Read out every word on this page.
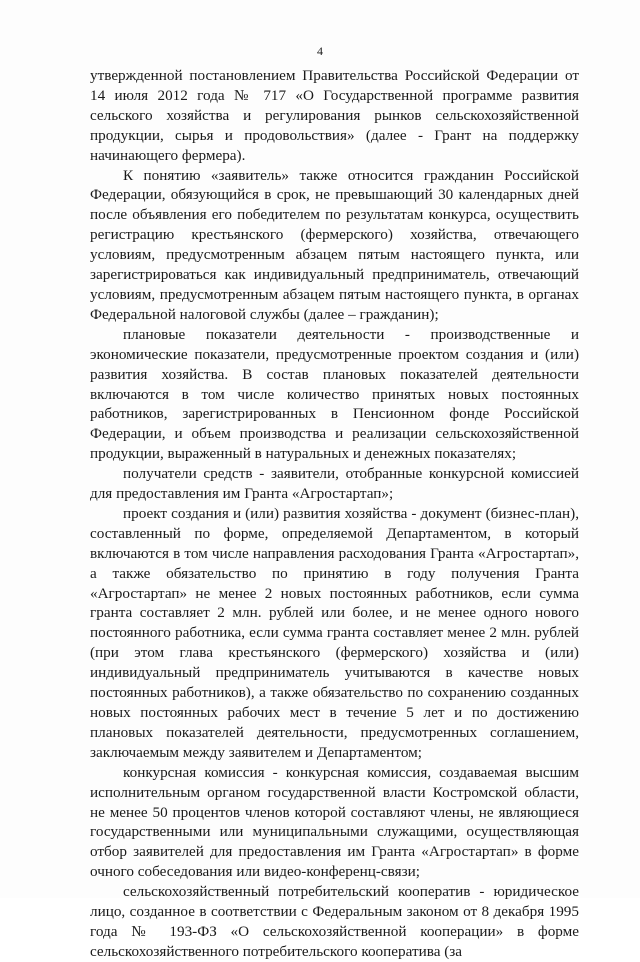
4

утвержденной постановлением Правительства Российской Федерации от 14 июля 2012 года № 717 «О Государственной программе развития сельского хозяйства и регулирования рынков сельскохозяйственной продукции, сырья и продовольствия» (далее - Грант на поддержку начинающего фермера).

К понятию «заявитель» также относится гражданин Российской Федерации, обязующийся в срок, не превышающий 30 календарных дней после объявления его победителем по результатам конкурса, осуществить регистрацию крестьянского (фермерского) хозяйства, отвечающего условиям, предусмотренным абзацем пятым настоящего пункта, или зарегистрироваться как индивидуальный предприниматель, отвечающий условиям, предусмотренным абзацем пятым настоящего пункта, в органах Федеральной налоговой службы (далее – гражданин);

плановые показатели деятельности - производственные и экономические показатели, предусмотренные проектом создания и (или) развития хозяйства. В состав плановых показателей деятельности включаются в том числе количество принятых новых постоянных работников, зарегистрированных в Пенсионном фонде Российской Федерации, и объем производства и реализации сельскохозяйственной продукции, выраженный в натуральных и денежных показателях;

получатели средств - заявители, отобранные конкурсной комиссией для предоставления им Гранта «Агростартап»;

проект создания и (или) развития хозяйства - документ (бизнес-план), составленный по форме, определяемой Департаментом, в который включаются в том числе направления расходования Гранта «Агростартап», а также обязательство по принятию в году получения Гранта «Агростартап» не менее 2 новых постоянных работников, если сумма гранта составляет 2 млн. рублей или более, и не менее одного нового постоянного работника, если сумма гранта составляет менее 2 млн. рублей (при этом глава крестьянского (фермерского) хозяйства и (или) индивидуальный предприниматель учитываются в качестве новых постоянных работников), а также обязательство по сохранению созданных новых постоянных рабочих мест в течение 5 лет и по достижению плановых показателей деятельности, предусмотренных соглашением, заключаемым между заявителем и Департаментом;

конкурсная комиссия - конкурсная комиссия, создаваемая высшим исполнительным органом государственной власти Костромской области, не менее 50 процентов членов которой составляют члены, не являющиеся государственными или муниципальными служащими, осуществляющая отбор заявителей для предоставления им Гранта «Агростартап» в форме очного собеседования или видео-конференц-связи;

сельскохозяйственный потребительский кооператив - юридическое лицо, созданное в соответствии с Федеральным законом от 8 декабря 1995 года № 193-ФЗ «О сельскохозяйственной кооперации» в форме сельскохозяйственного потребительского кооператива (за
